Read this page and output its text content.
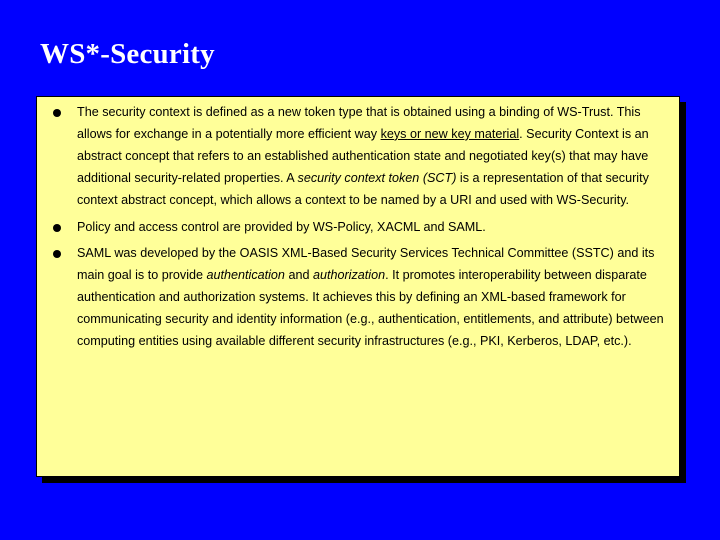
WS*-Security
The security context is defined as a new token type that is obtained using a binding of WS-Trust. This allows for exchange in a potentially more efficient way keys or new key material. Security Context is an abstract concept that refers to an established authentication state and negotiated key(s) that may have additional security-related properties. A security context token (SCT) is a representation of that security context abstract concept, which allows a context to be named by a URI and used with WS-Security.
Policy and access control are provided by WS-Policy, XACML and SAML.
SAML was developed by the OASIS XML-Based Security Services Technical Committee (SSTC) and its main goal is to provide authentication and authorization. It promotes interoperability between disparate authentication and authorization systems. It achieves this by defining an XML-based framework for communicating security and identity information (e.g., authentication, entitlements, and attribute) between computing entities using available different security infrastructures (e.g., PKI, Kerberos, LDAP, etc.).
